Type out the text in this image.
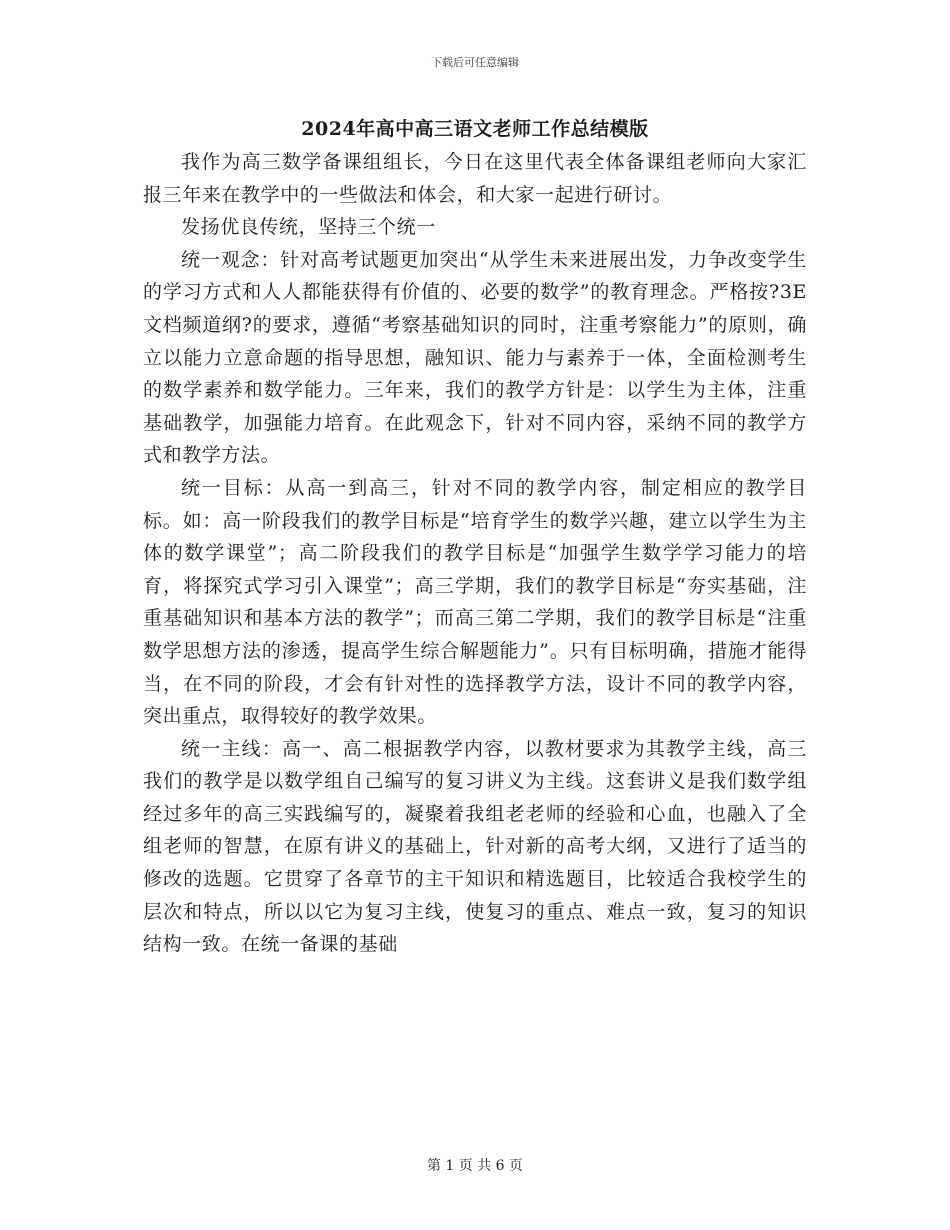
下载后可任意编辑
2024年高中高三语文老师工作总结模版

我作为高三数学备课组组长，今日在这里代表全体备课组老师向大家汇报三年来在教学中的一些做法和体会，和大家一起进行研讨。

发扬优良传统，坚持三个统一

统一观念：针对高考试题更加突出“从学生未来进展出发，力争改变学生的学习方式和人人都能获得有价值的、必要的数学”的教育理念。严格按?3E文档频道纲?的要求，遵循“考察基础知识的同时，注重考察能力”的原则，确立以能力立意命题的指导思想，融知识、能力与素养于一体，全面检测考生的数学素养和数学能力。三年来，我们的教学方针是：以学生为主体，注重基础教学，加强能力培育。在此观念下，针对不同内容，采纳不同的教学方式和教学方法。

统一目标：从高一到高三，针对不同的教学内容，制定相应的教学目标。如：高一阶段我们的教学目标是“培育学生的数学兴趣，建立以学生为主体的数学课堂”；高二阶段我们的教学目标是“加强学生数学学习能力的培育，将探究式学习引入课堂”；高三学期，我们的教学目标是“夯实基础，注重基础知识和基本方法的教学”；而高三第二学期，我们的教学目标是“注重数学思想方法的渗透，提高学生综合解题能力”。只有目标明确，措施才能得当，在不同的阶段，才会有针对性的选择教学方法，设计不同的教学内容，突出重点，取得较好的教学效果。

统一主线：高一、高二根据教学内容，以教材要求为其教学主线，高三我们的教学是以数学组自己编写的复习讲义为主线。这套讲义是我们数学组经过多年的高三实践编写的，凝聚着我组老老师的经验和心血，也融入了全组老师的智慧，在原有讲义的基础上，针对新的高考大纲，又进行了适当的修改的选题。它贯穿了各章节的主干知识和精选题目，比较适合我校学生的层次和特点，所以以它为复习主线，使复习的重点、难点一致，复习的知识结构一致。在统一备课的基础

第 1 页 共 6 页
